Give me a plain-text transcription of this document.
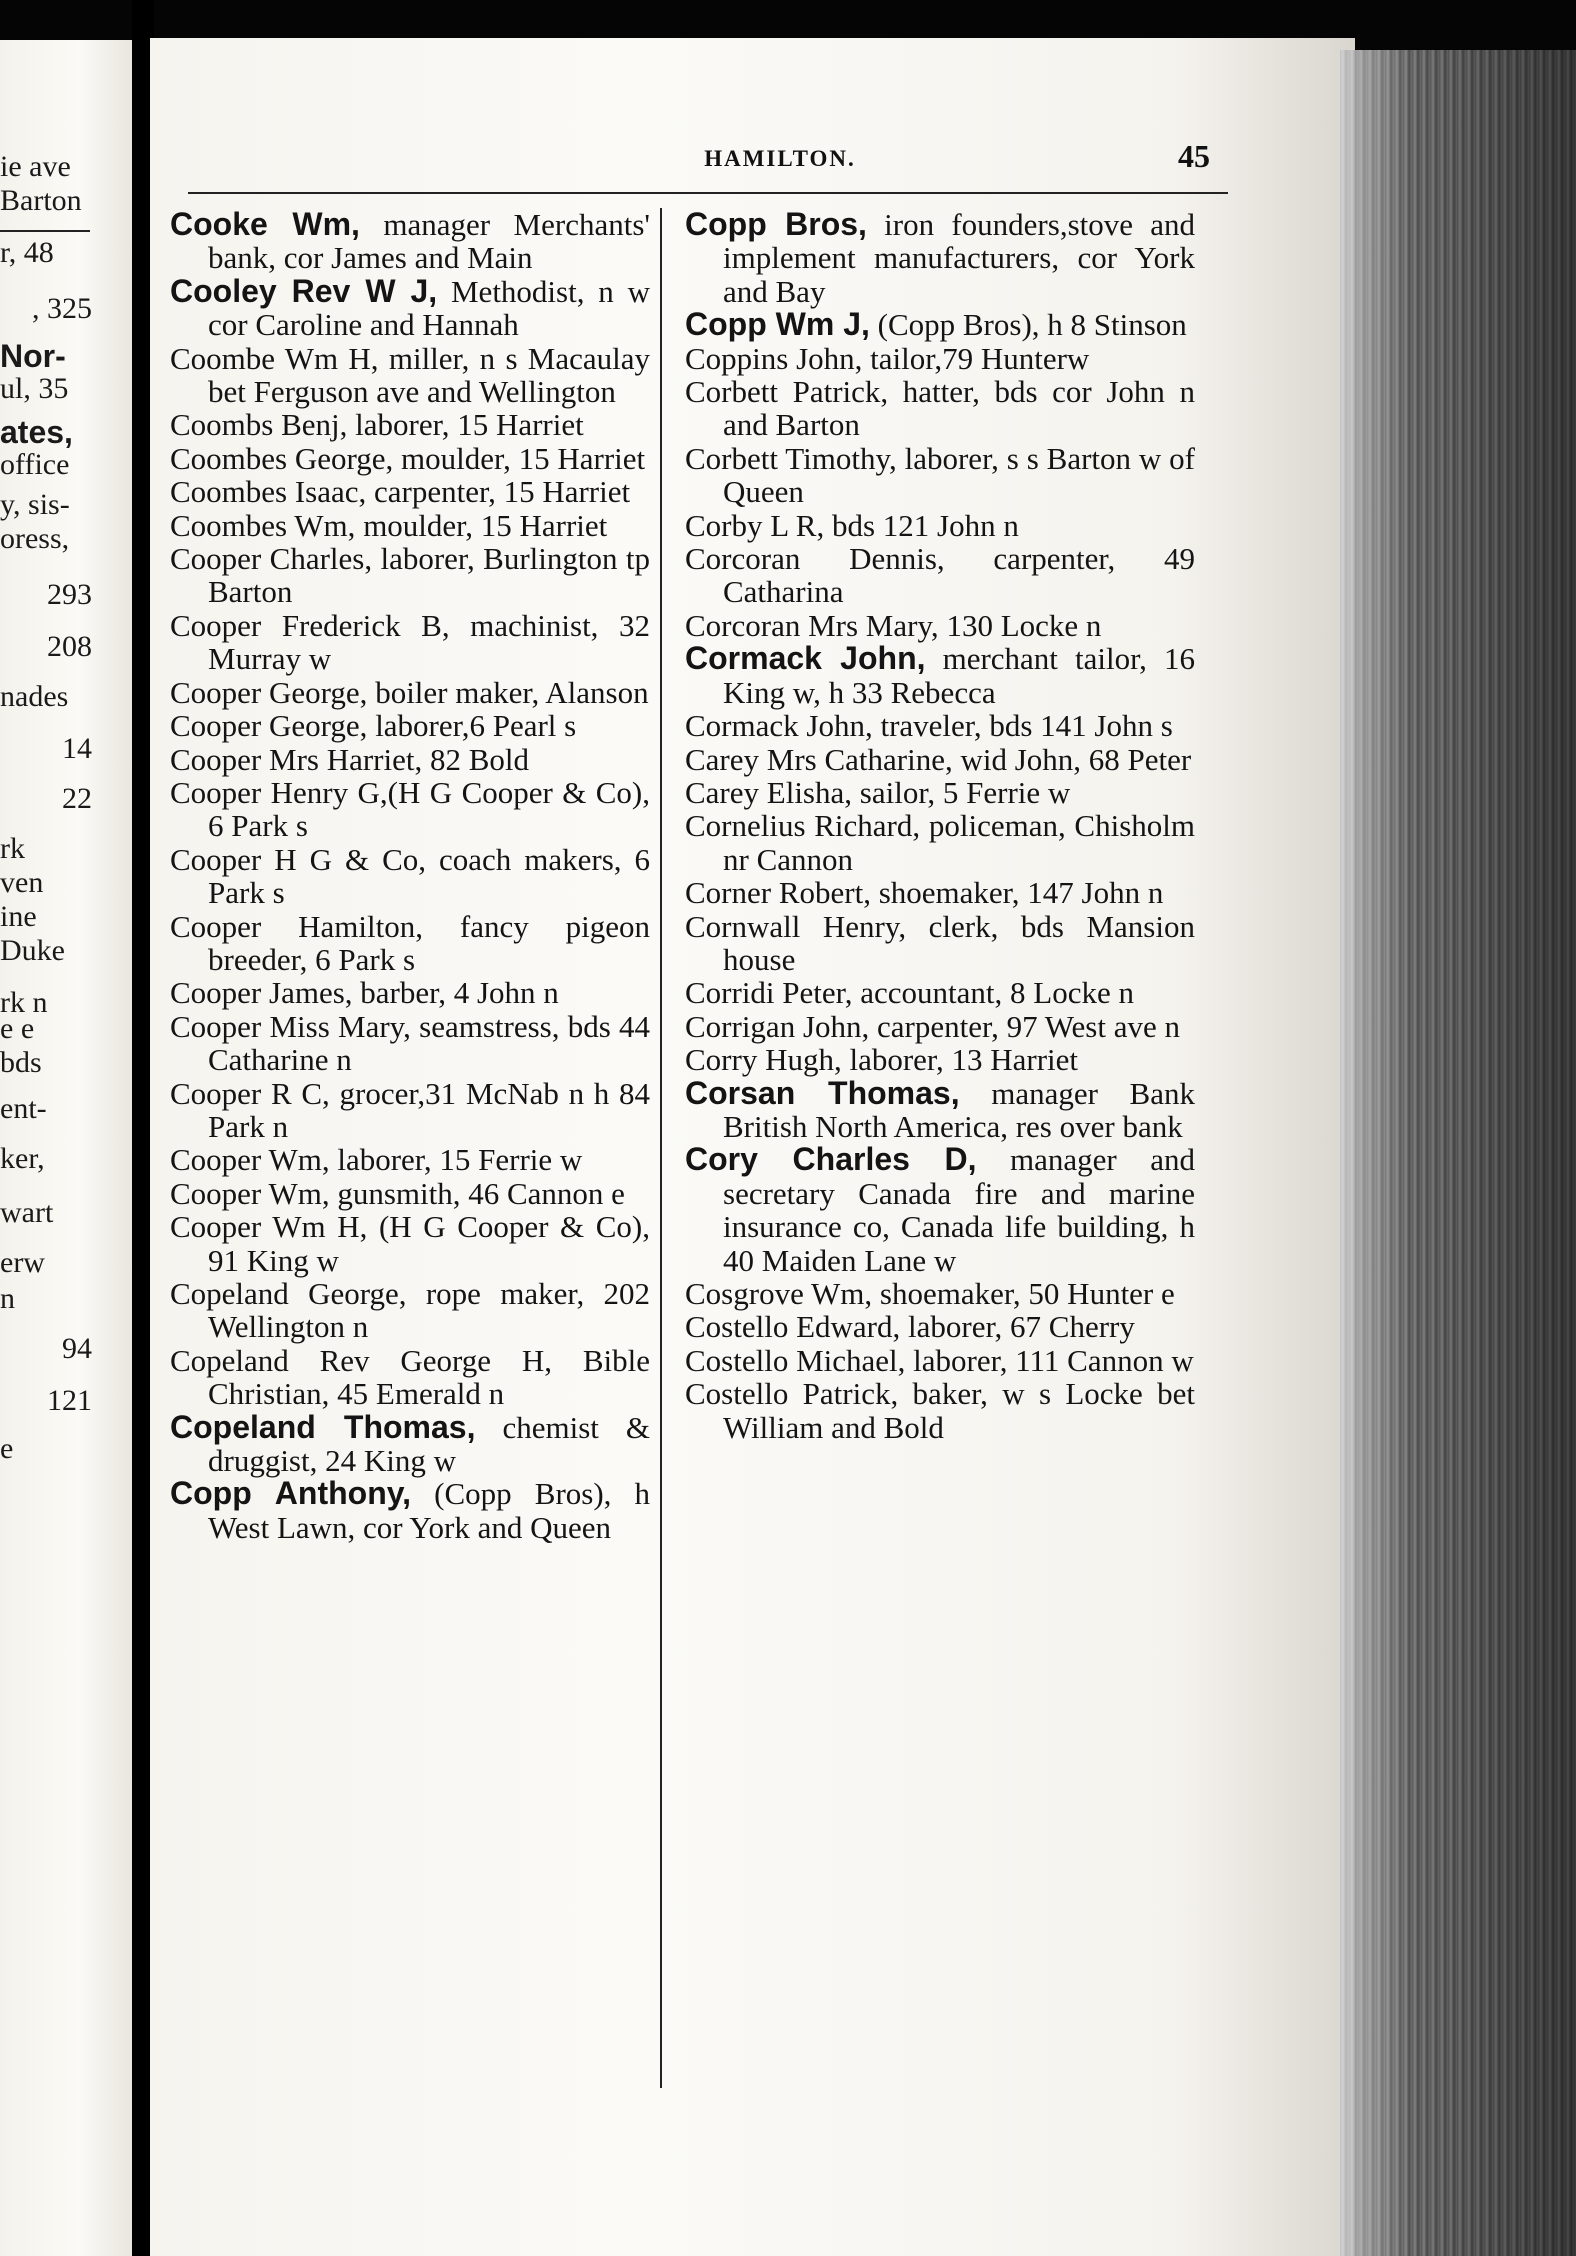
ie ave
Barton
r, 48
, 325
Nor-
ul, 35
ates,
office
y, sis-
oress,
293
208
nades
14
22
rk
ven
ine
Duke
rk n
e e
bds
ent-
ker,
wart
erw
n
94
121
e
HAMILTON.	45

Cooke Wm, manager Merchants' bank, cor James and Main

Cooley Rev W J, Methodist, n w cor Caroline and Hannah

Coombe Wm H, miller, n s Macaulay bet Ferguson ave and Wellington

Coombs Benj, laborer, 15 Harriet

Coombes George, moulder, 15 Harriet

Coombes Isaac, carpenter, 15 Harriet

Coombes Wm, moulder, 15 Harriet

Cooper Charles, laborer, Burlington tp Barton

Cooper Frederick B, machinist, 32 Murray w

Cooper George, boiler maker, Alanson

Cooper George, laborer,6 Pearl s

Cooper Mrs Harriet, 82 Bold

Cooper Henry G,(H G Cooper & Co), 6 Park s

Cooper H G & Co, coach makers, 6 Park s

Cooper Hamilton, fancy pigeon breeder, 6 Park s

Cooper James, barber, 4 John n

Cooper Miss Mary, seamstress, bds 44 Catharine n

Cooper R C, grocer,31 McNab n h 84 Park n

Cooper Wm, laborer, 15 Ferrie w

Cooper Wm, gunsmith, 46 Cannon e

Cooper Wm H, (H G Cooper & Co), 91 King w

Copeland George, rope maker, 202 Wellington n

Copeland Rev George H, Bible Christian, 45 Emerald n

Copeland Thomas, chemist & druggist, 24 King w

Copp Anthony, (Copp Bros), h West Lawn, cor York and Queen

Copp Bros, iron founders,stove and implement manufacturers, cor York and Bay

Copp Wm J, (Copp Bros), h 8 Stinson

Coppins John, tailor,79 Hunterw

Corbett Patrick, hatter, bds cor John n and Barton

Corbett Timothy, laborer, s s Barton w of Queen

Corby L R, bds 121 John n

Corcoran Dennis, carpenter, 49 Catharina

Corcoran Mrs Mary, 130 Locke n

Cormack John, merchant tailor, 16 King w, h 33 Rebecca

Cormack John, traveler, bds 141 John s

Carey Mrs Catharine, wid John, 68 Peter

Carey Elisha, sailor, 5 Ferrie w

Cornelius Richard, policeman, Chisholm nr Cannon

Corner Robert, shoemaker, 147 John n

Cornwall Henry, clerk, bds Mansion house

Corridi Peter, accountant, 8 Locke n

Corrigan John, carpenter, 97 West ave n

Corry Hugh, laborer, 13 Harriet

Corsan Thomas, manager Bank British North America, res over bank

Cory Charles D, manager and secretary Canada fire and marine insurance co, Canada life building, h 40 Maiden Lane w

Cosgrove Wm, shoemaker, 50 Hunter e

Costello Edward, laborer, 67 Cherry

Costello Michael, laborer, 111 Cannon w

Costello Patrick, baker, w s Locke bet William and Bold
